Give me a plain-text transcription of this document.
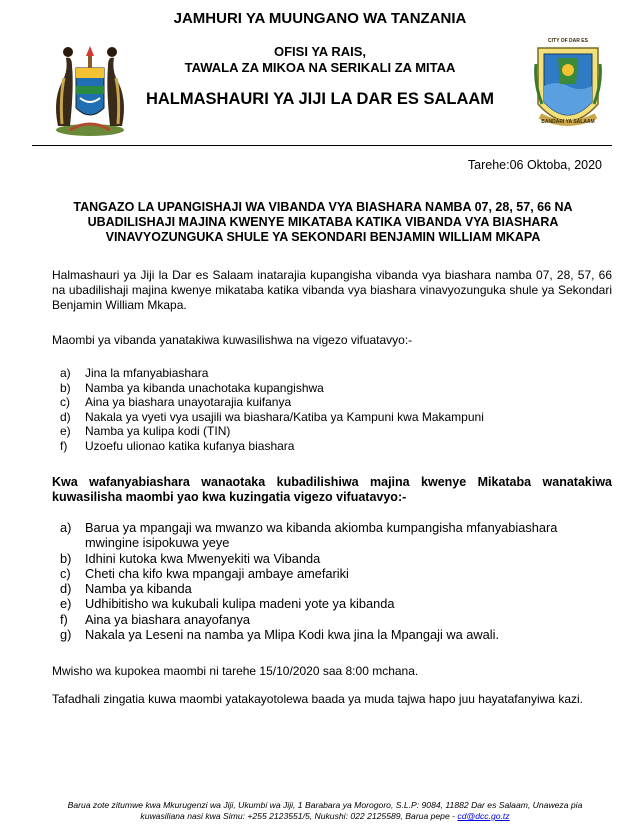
CITY OF DAR ES
BANDARI YA SALAAM
JAMHURI YA MUUNGANO WA TANZANIA
OFISI YA RAIS,
TAWALA ZA MIKOA NA SERIKALI ZA MITAA
HALMASHAURI YA JIJI LA DAR ES SALAAM
Tarehe:06 Oktoba, 2020
TANGAZO LA UPANGISHAJI WA VIBANDA VYA BIASHARA NAMBA 07, 28, 57, 66 NA
UBADILISHAJI MAJINA KWENYE MIKATABA KATIKA VIBANDA VYA BIASHARA
VINAVYOZUNGUKA SHULE YA SEKONDARI BENJAMIN WILLIAM MKAPA
Halmashauri ya Jiji la Dar es Salaam inatarajia kupangisha vibanda vya biashara namba 07, 28, 57, 66 na ubadilishaji majina kwenye mikataba katika vibanda vya biashara vinavyozunguka shule ya Sekondari Benjamin William Mkapa.
Maombi ya vibanda yanatakiwa kuwasilishwa na vigezo vifuatavyo:-
a) Jina la mfanyabiashara
b) Namba ya kibanda unachotaka kupangishwa
c) Aina ya biashara unayotarajia kuifanya
d) Nakala ya vyeti vya usajili wa biashara/Katiba ya Kampuni kwa Makampuni
e) Namba ya kulipa kodi (TIN)
f) Uzoefu ulionao katika kufanya biashara
Kwa wafanyabiashara wanaotaka kubadilishiwa majina kwenye Mikataba wanatakiwa kuwasilisha maombi yao kwa kuzingatia vigezo vifuatavyo:-
a) Barua ya mpangaji wa mwanzo wa kibanda akiomba kumpangisha mfanyabiashara mwingine isipokuwa yeye
b) Idhini kutoka kwa Mwenyekiti wa Vibanda
c) Cheti cha kifo kwa mpangaji ambaye amefariki
d) Namba ya kibanda
e) Udhibitisho wa kukubali kulipa madeni yote ya kibanda
f) Aina ya biashara anayofanya
g) Nakala ya Leseni na namba ya Mlipa Kodi kwa jina la Mpangaji wa awali.
Mwisho wa kupokea maombi ni tarehe 15/10/2020 saa 8:00 mchana.
Tafadhali zingatia kuwa maombi yatakayotolewa baada ya muda tajwa hapo juu hayatafanyiwa kazi.
Barua zote zitumwe kwa Mkurugenzi wa Jiji, Ukumbi wa Jiji, 1 Barabara ya Morogoro, S.L.P: 9084, 11882 Dar es Salaam, Unaweza pia
kuwasiliana nasi kwa Simu: +255 2123551/5, Nukushi: 022 2125589, Barua pepe - cd@dcc.go.tz
